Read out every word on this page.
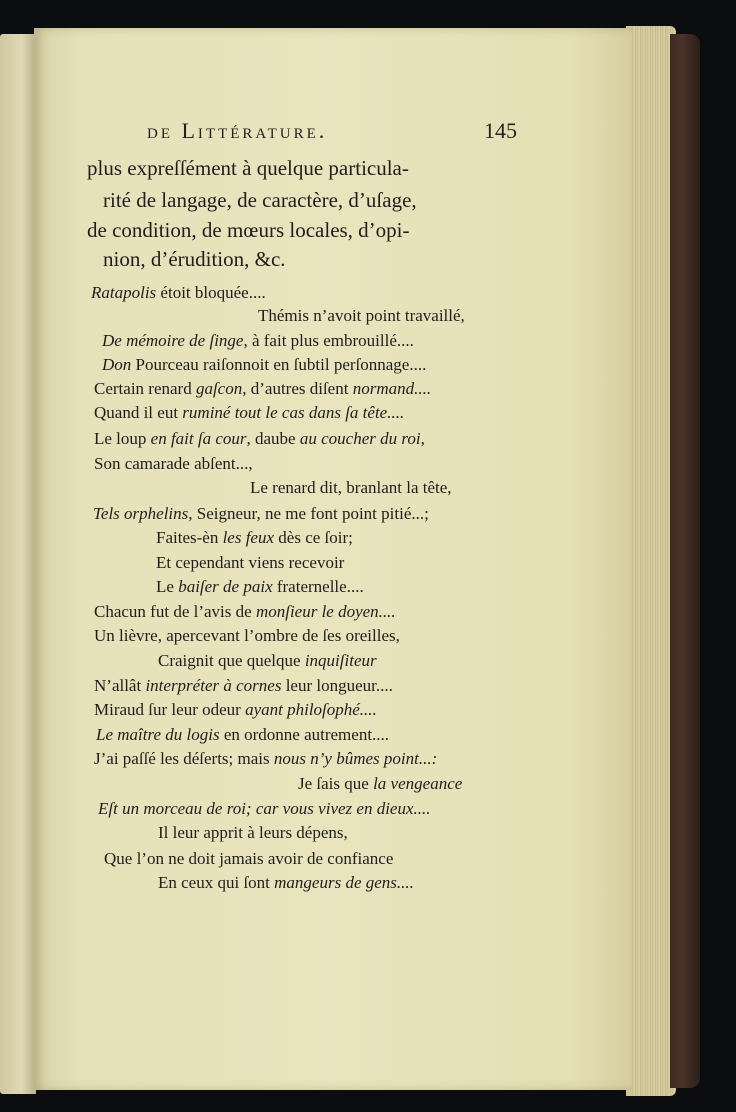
de Littérature.	145
plus expreſſément à quelque particula-
rité de langage, de caractère, d’uſage,
de condition, de mœurs locales, d’opi-
nion, d’érudition, &c.
Ratapolis étoit bloquée....
Thémis n’avoit point travaillé,
De mémoire de ſinge, à fait plus embrouillé....
Don Pourceau raiſonnoit en ſubtil perſonnage....
Certain renard gaſcon, d’autres diſent normand....
Quand il eut ruminé tout le cas dans ſa tête....
Le loup en fait ſa cour, daube au coucher du roi,
Son camarade abſent...,
Le renard dit, branlant la tête,
Tels orphelins, Seigneur, ne me font point pitié...;
Faites-èn les feux dès ce ſoir;
Et cependant viens recevoir
Le baiſer de paix fraternelle....
Chacun fut de l’avis de monſieur le doyen....
Un lièvre, apercevant l’ombre de ſes oreilles,
Craignit que quelque inquiſiteur
N’allât interpréter à cornes leur longueur....
Miraud ſur leur odeur ayant philoſophé....
Le maître du logis en ordonne autrement....
J’ai paſſé les déſerts; mais nous n’y bûmes point...:
Je ſais que la vengeance
Eſt un morceau de roi; car vous vivez en dieux....
Il leur apprit à leurs dépens,
Que l’on ne doit jamais avoir de confiance
En ceux qui ſont mangeurs de gens....
